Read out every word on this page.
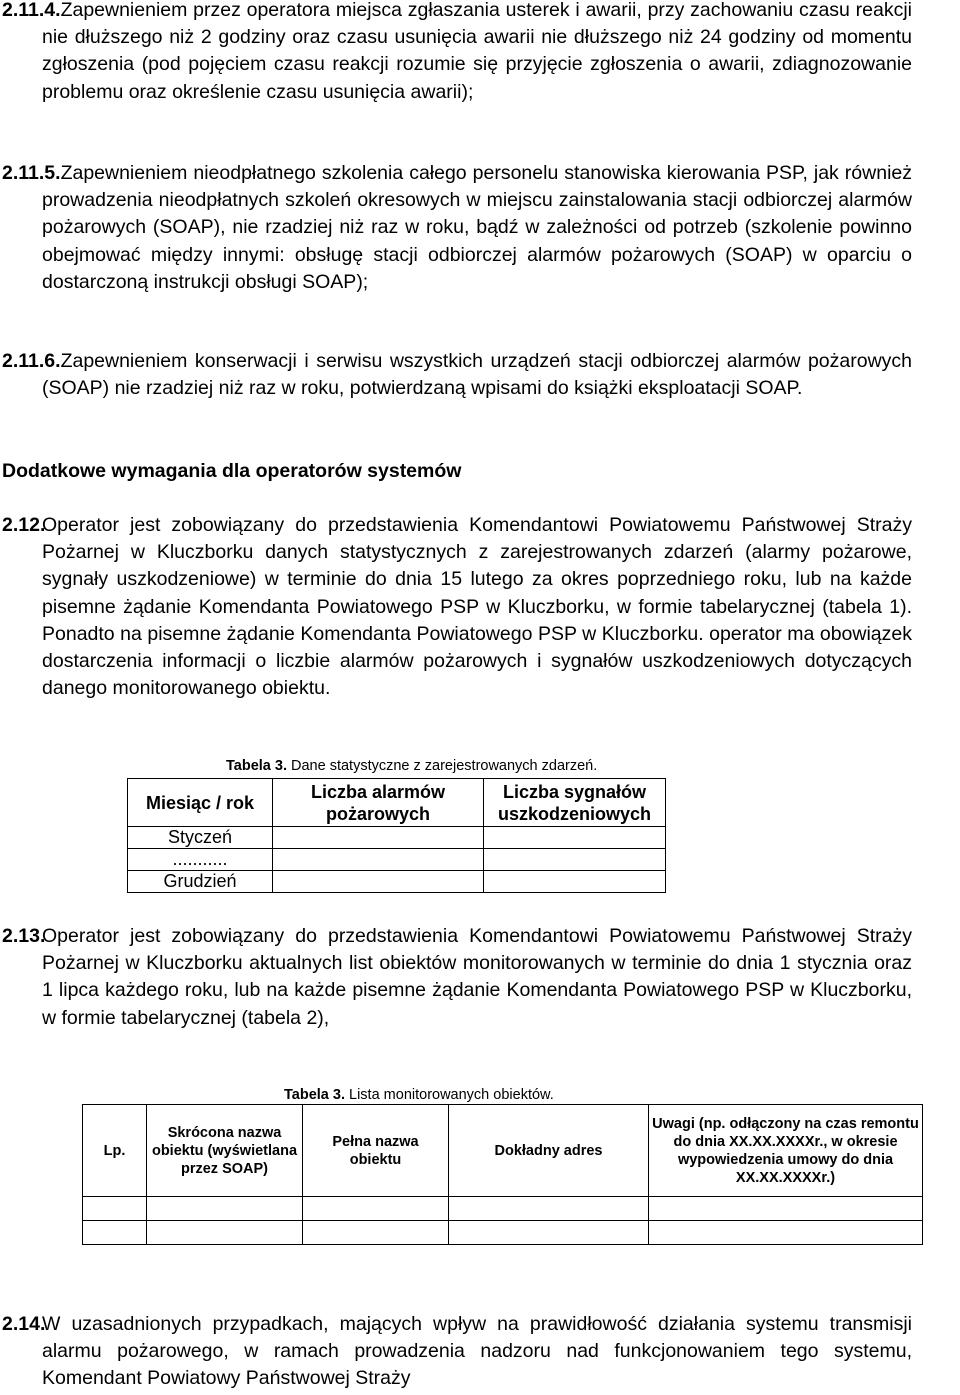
2.11.4.Zapewnieniem przez operatora miejsca zgłaszania usterek i awarii, przy zachowaniu czasu reakcji nie dłuższego niż 2 godziny oraz czasu usunięcia awarii nie dłuższego niż 24 godziny od momentu zgłoszenia (pod pojęciem czasu reakcji rozumie się przyjęcie zgłoszenia o awarii, zdiagnozowanie problemu oraz określenie czasu usunięcia awarii);
2.11.5.Zapewnieniem nieodpłatnego szkolenia całego personelu stanowiska kierowania PSP, jak również prowadzenia nieodpłatnych szkoleń okresowych w miejscu zainstalowania stacji odbiorczej alarmów pożarowych (SOAP), nie rzadziej niż raz w roku, bądź w zależności od potrzeb (szkolenie powinno obejmować między innymi: obsługę stacji odbiorczej alarmów pożarowych (SOAP) w oparciu o dostarczoną instrukcji obsługi SOAP);
2.11.6.Zapewnieniem konserwacji i serwisu wszystkich urządzeń stacji odbiorczej alarmów pożarowych (SOAP) nie rzadziej niż raz w roku, potwierdzaną wpisami do książki eksploatacji SOAP.
Dodatkowe wymagania dla operatorów systemów
2.12.
Operator jest zobowiązany do przedstawienia Komendantowi Powiatowemu Państwowej Straży Pożarnej w Kluczborku danych statystycznych z zarejestrowanych zdarzeń (alarmy pożarowe, sygnały uszkodzeniowe) w terminie do dnia 15 lutego za okres poprzedniego roku, lub na każde pisemne żądanie Komendanta Powiatowego PSP w Kluczborku, w formie tabelarycznej (tabela 1). Ponadto na pisemne żądanie Komendanta Powiatowego PSP w Kluczborku. operator ma obowiązek dostarczenia informacji o liczbie alarmów pożarowych i sygnałów uszkodzeniowych dotyczących danego monitorowanego obiektu.
Tabela 3. Dane statystyczne z zarejestrowanych zdarzeń.
Miesiąc / rok	Liczba alarmów pożarowych	Liczba sygnałów uszkodzeniowych
Styczeń		
...........		
Grudzień		
2.13.
Operator jest zobowiązany do przedstawienia Komendantowi Powiatowemu Państwowej Straży Pożarnej w Kluczborku aktualnych list obiektów monitorowanych w terminie do dnia 1 stycznia oraz 1 lipca każdego roku, lub na każde pisemne żądanie Komendanta Powiatowego PSP w Kluczborku, w formie tabelarycznej (tabela 2),
Tabela 3. Lista monitorowanych obiektów.
Lp.	Skrócona nazwa obiektu (wyświetlana przez SOAP)	Pełna nazwa obiektu	Dokładny adres	Uwagi (np. odłączony na czas remontu do dnia XX.XX.XXXXr., w okresie wypowiedzenia umowy do dnia XX.XX.XXXXr.)

2.14.
W uzasadnionych przypadkach, mających wpływ na prawidłowość działania systemu transmisji alarmu pożarowego, w ramach prowadzenia nadzoru nad funkcjonowaniem tego systemu, Komendant Powiatowy Państwowej Straży
